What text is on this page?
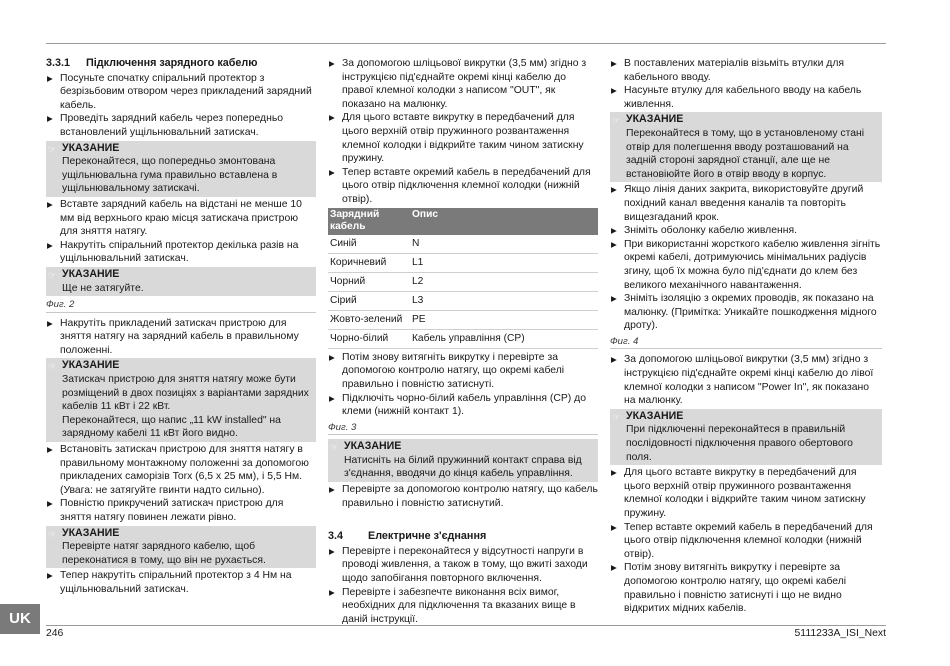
3.3.1 Підключення зарядного кабелю
▶ Посуньте спочатку спіральний протектор з безрізьбовим отвором через прикладений зарядний кабель.
▶ Проведіть зарядний кабель через попередньо встановлений ущільнювальний затискач.
☞ УКАЗАНИЕ
Переконайтеся, що попередньо змонтована ущільнювальна гума правильно вставлена в ущільнювальному затискачі.
▶ Вставте зарядний кабель на відстані не менше 10 мм від верхнього краю місця затискача пристрою для зняття натягу.
▶ Накрутіть спіральний протектор декілька разів на ущільнювальний затискач.
☞ УКАЗАНИЕ
Ще не затягуйте.
Фиг. 2
▶ Накрутіть прикладений затискач пристрою для зняття натягу на зарядний кабель в правильному положенні.
☞ УКАЗАНИЕ
Затискач пристрою для зняття натягу може бути розміщений в двох позиціях з варіантами зарядних кабелів 11 кВт і 22 кВт.
Переконайтеся, що напис „11 kW installed" на зарядному кабелі 11 кВт його видно.
▶ Встановіть затискач пристрою для зняття натягу в правильному монтажному положенні за допомогою прикладених саморізів Torx (6,5 x 25 мм), і 5,5 Нм. (Увага: не затягуйте гвинти надто сильно).
▶ Повністю прикручений затискач пристрою для зняття натягу повинен лежати рівно.
☞ УКАЗАНИЕ
Перевірте натяг зарядного кабелю, щоб переконатися в тому, що він не рухається.
▶ Тепер накрутіть спіральний протектор з 4 Нм на ущільнювальний затискач.
▶ За допомогою шліцьової викрутки (3,5 мм) згідно з інструкцією під'єднайте окремі кінці кабелю до правої клемної колодки з написом "OUT", як показано на малюнку.
▶ Для цього вставте викрутку в передбачений для цього верхній отвір пружинного розвантаження клемної колодки і відкрийте таким чином затискну пружину.
▶ Тепер вставте окремий кабель в передбачений для цього отвір підключення клемної колодки (нижній отвір).
Зарядний кабель	Опис
Синій	N
Коричневий	L1
Чорний	L2
Сірий	L3
Жовто-зелений	PE
Чорно-білий	Кабель управління (CP)
▶ Потім знову витягніть викрутку і перевірте за допомогою контролю натягу, що окремі кабелі правильно і повністю затиснуті.
▶ Підключіть чорно-білий кабель управління (CP) до клеми (нижній контакт 1).
Фиг. 3
☞ УКАЗАНИЕ
Натисніть на білий пружинний контакт справа від з'єднання, вводячи до кінця кабель управління.
▶ Перевірте за допомогою контролю натягу, що кабель правильно і повністю затиснутий.
3.4 Електричне з'єднання
▶ Перевірте і переконайтеся у відсутності напруги в проводі живлення, а також в тому, що вжиті заходи щодо запобігання повторного включення.
▶ Перевірте і забезпечте виконання всіх вимог, необхідних для підключення та вказаних вище в даній інструкції.
▶ В поставлених матеріалів візьміть втулки для кабельного вводу.
▶ Насуньте втулку для кабельного вводу на кабель живлення.
☞ УКАЗАНИЕ
Переконайтеся в тому, що в установленому стані отвір для полегшення вводу розташований на задній стороні зарядної станції, але ще не встановіюйте його в отвір вводу в корпус.
▶ Якщо лінія даних закрита, використовуйте другий похідний канал введення каналів та повторіть вищезгаданий крок.
▶ Зніміть оболонку кабелю живлення.
▶ При використанні жорсткого кабелю живлення зігніть окремі кабелі, дотримуючись мінімальних радіусів згину, щоб їх можна було під'єднати до клем без великого механічного навантаження.
▶ Зніміть ізоляцію з окремих проводів, як показано на малюнку. (Примітка: Уникайте пошкодження мідного дроту).
Фиг. 4
▶ За допомогою шліцьової викрутки (3,5 мм) згідно з інструкцією під'єднайте окремі кінці кабелю до лівої клемної колодки з написом "Power In", як показано на малюнку.
☞ УКАЗАНИЕ
При підключенні переконайтеся в правильній послідовності підключення правого обертового поля.
▶ Для цього вставте викрутку в передбачений для цього верхній отвір пружинного розвантаження клемної колодки і відкрийте таким чином затискну пружину.
▶ Тепер вставте окремий кабель в передбачений для цього отвір підключення клемної колодки (нижній отвір).
▶ Потім знову витягніть викрутку і перевірте за допомогою контролю натягу, що окремі кабелі правильно і повністю затиснуті і що не видно відкритих мідних кабелів.
UK
246	5111233A_ISI_Next
